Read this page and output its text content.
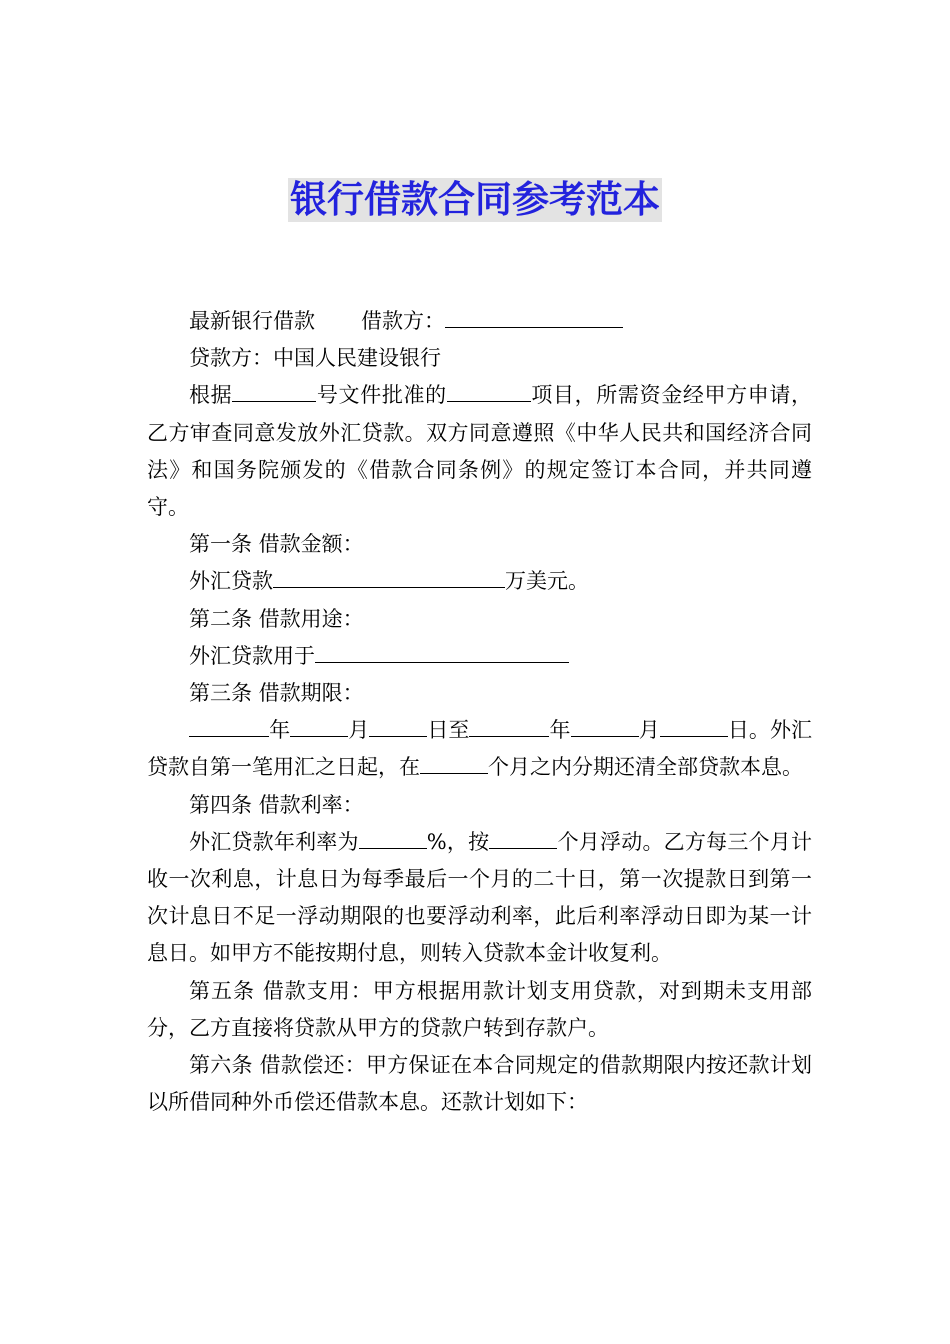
银行借款合同参考范本

最新银行借款 借款方：

贷款方：中国人民建设银行

根据	号文件批准的	项目，所需资金经甲方申请，乙方审查同意发放外汇贷款。双方同意遵照《中华人民共和国经济合同法》和国务院颁发的《借款合同条例》的规定签订本合同，并共同遵守。

第一条 借款金额：

外汇贷款	万美元。

第二条 借款用途：

外汇贷款用于

第三条 借款期限：

年	月	日至	年	月	日。外汇贷款自第一笔用汇之日起，在	个月之内分期还清全部贷款本息。

第四条 借款利率：

外汇贷款年利率为	%，按	个月浮动。乙方每三个月计收一次利息，计息日为每季最后一个月的二十日，第一次提款日到第一次计息日不足一浮动期限的也要浮动利率，此后利率浮动日即为某一计息日。如甲方不能按期付息，则转入贷款本金计收复利。

第五条 借款支用：甲方根据用款计划支用贷款，对到期未支用部分，乙方直接将贷款从甲方的贷款户转到存款户。

第六条 借款偿还：甲方保证在本合同规定的借款期限内按还款计划以所借同种外币偿还借款本息。还款计划如下：
